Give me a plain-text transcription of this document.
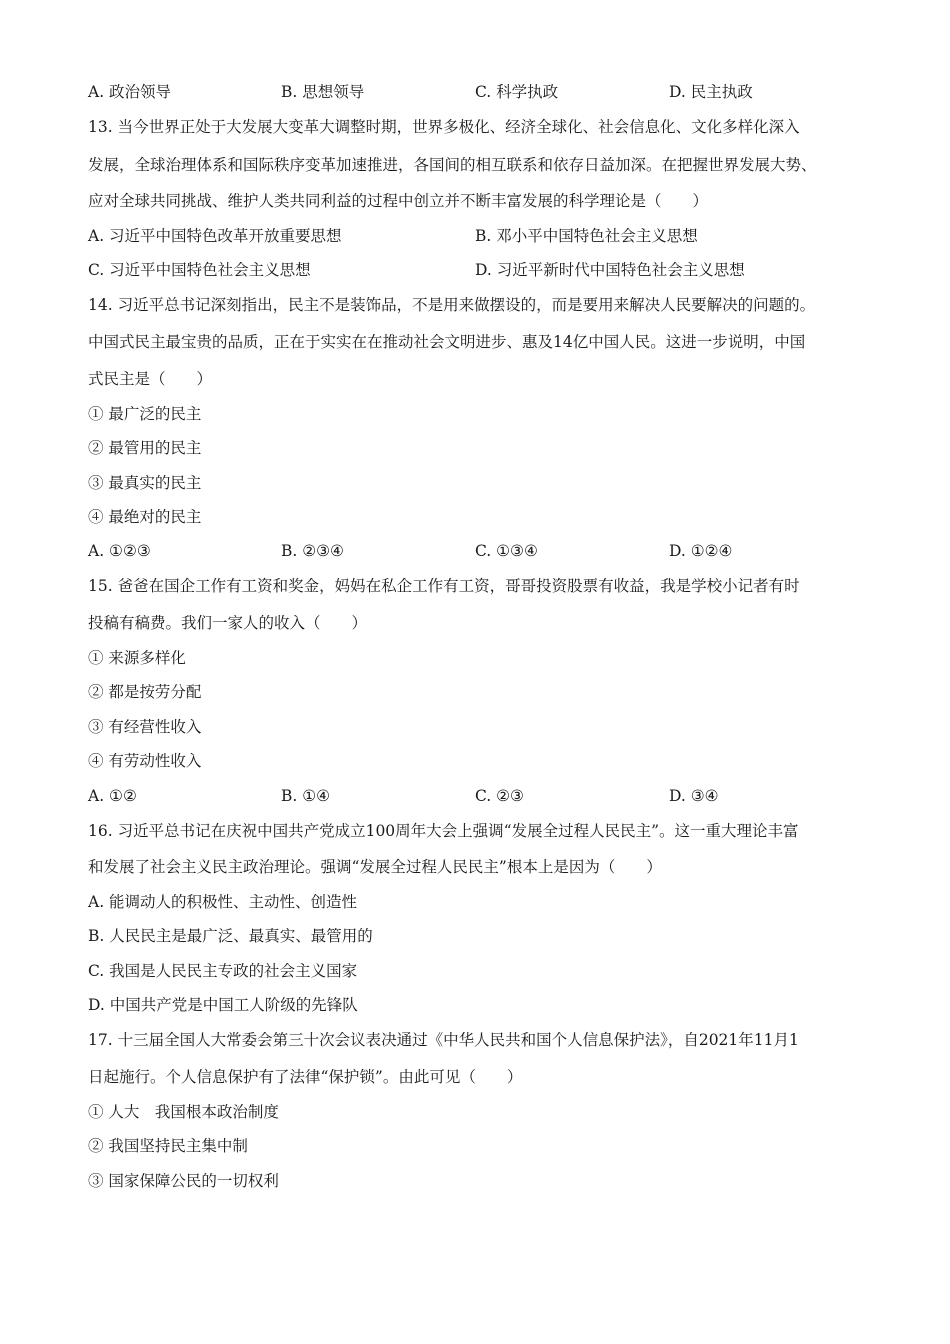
A. 政治领导	B. 思想领导	C. 科学执政	D. 民主执政
13. 当今世界正处于大发展大变革大调整时期，世界多极化、经济全球化、社会信息化、文化多样化深入
发展，全球治理体系和国际秩序变革加速推进，各国间的相互联系和依存日益加深。在把握世界发展大势、
应对全球共同挑战、维护人类共同利益的过程中创立并不断丰富发展的科学理论是（　　）
A. 习近平中国特色改革开放重要思想	B. 邓小平中国特色社会主义思想
C. 习近平中国特色社会主义思想	D. 习近平新时代中国特色社会主义思想
14. 习近平总书记深刻指出，民主不是装饰品，不是用来做摆设的，而是要用来解决人民要解决的问题的。
中国式民主最宝贵的品质，正在于实实在在推动社会文明进步、惠及14亿中国人民。这进一步说明，中国
式民主是（　　）
① 最广泛的民主
② 最管用的民主
③ 最真实的民主
④ 最绝对的民主
A. ①②③	B. ②③④	C. ①③④	D. ①②④
15. 爸爸在国企工作有工资和奖金，妈妈在私企工作有工资，哥哥投资股票有收益，我是学校小记者有时
投稿有稿费。我们一家人的收入（　　）
① 来源多样化
② 都是按劳分配
③ 有经营性收入
④ 有劳动性收入
A. ①②	B. ①④	C. ②③	D. ③④
16. 习近平总书记在庆祝中国共产党成立100周年大会上强调“发展全过程人民民主”。这一重大理论丰富
和发展了社会主义民主政治理论。强调“发展全过程人民民主”根本上是因为（　　）
A. 能调动人的积极性、主动性、创造性
B. 人民民主是最广泛、最真实、最管用的
C. 我国是人民民主专政的社会主义国家
D. 中国共产党是中国工人阶级的先锋队
17. 十三届全国人大常委会第三十次会议表决通过《中华人民共和国个人信息保护法》，自2021年11月1
日起施行。个人信息保护有了法律“保护锁”。由此可见（　　）
① 人大　我国根本政治制度
② 我国坚持民主集中制
③ 国家保障公民的一切权利
